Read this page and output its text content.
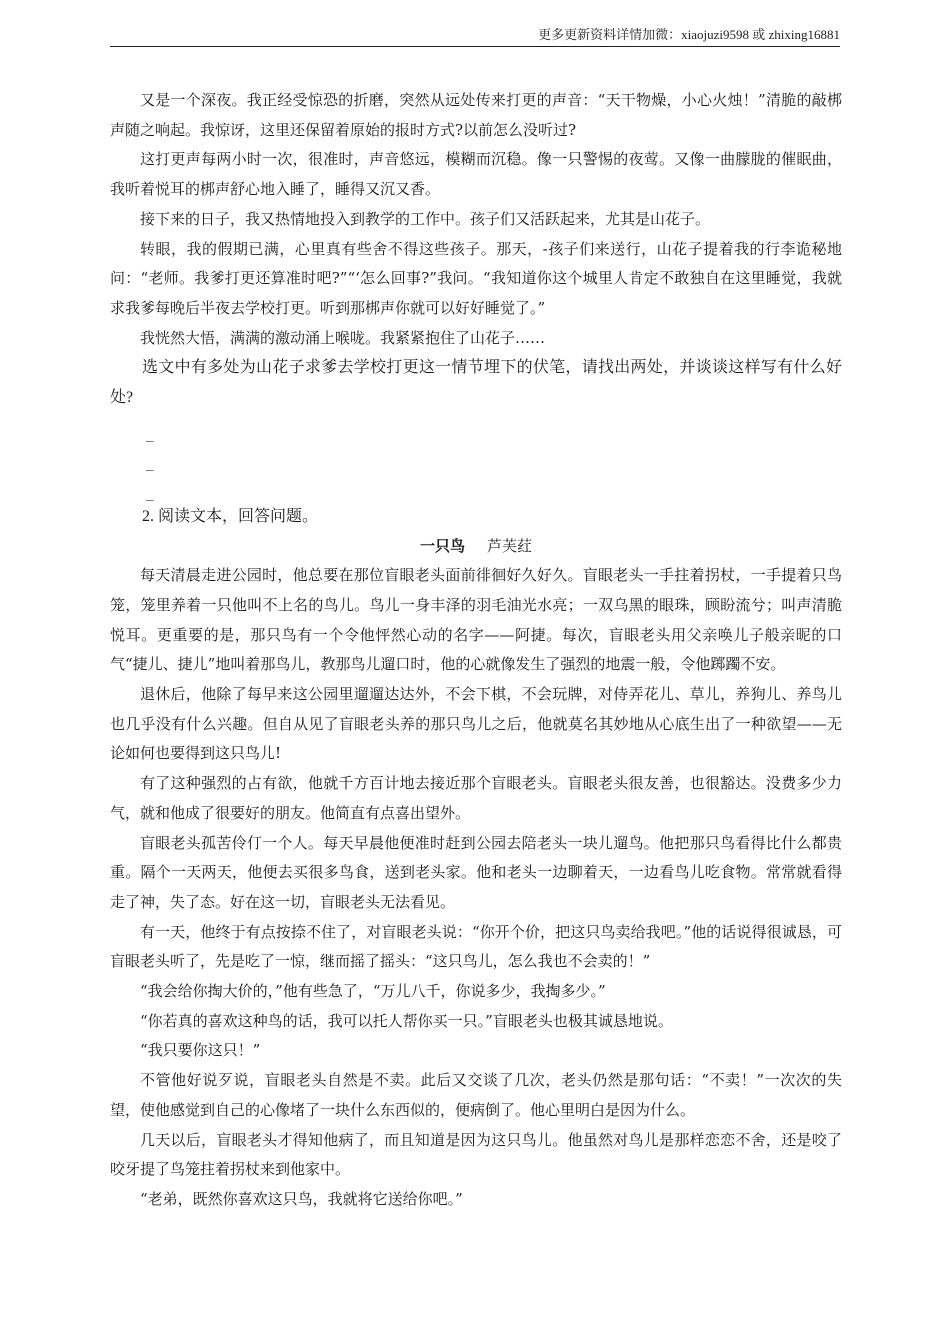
更多更新资料详情加微：xiaojuzi9598 或 zhixing16881

又是一个深夜。我正经受惊恐的折磨，突然从远处传来打更的声音：“天干物燥，小心火烛！”清脆的敲梆声随之响起。我惊讶，这里还保留着原始的报时方式?以前怎么没听过?

这打更声每两小时一次，很准时，声音悠远，模糊而沉稳。像一只警惕的夜莺。又像一曲朦胧的催眠曲，我听着悦耳的梆声舒心地入睡了，睡得又沉又香。

接下来的日子，我又热情地投入到教学的工作中。孩子们又活跃起来，尤其是山花子。

转眼，我的假期已满，心里真有些舍不得这些孩子。那天，-孩子们来送行，山花子提着我的行李诡秘地问：“老师。我爹打更还算准时吧?”“‘怎么回事?”我问。“我知道你这个城里人肯定不敢独自在这里睡觉，我就求我爹每晚后半夜去学校打更。听到那梆声你就可以好好睡觉了。”

我恍然大悟，满满的激动涌上喉咙。我紧紧抱住了山花子……

选文中有多处为山花子求爹去学校打更这一情节埋下的伏笔，请找出两处，并谈谈这样写有什么好处?

_

_

_

2. 阅读文本，回答问题。

一只鸟 芦芙荭

每天清晨走进公园时，他总要在那位盲眼老头面前徘徊好久好久。盲眼老头一手拄着拐杖，一手提着只鸟笼，笼里养着一只他叫不上名的鸟儿。鸟儿一身丰泽的羽毛油光水亮；一双乌黑的眼珠，顾盼流兮；叫声清脆悦耳。更重要的是，那只鸟有一个令他怦然心动的名字——阿捷。每次，盲眼老头用父亲唤儿子般亲昵的口气“捷儿、捷儿”地叫着那鸟儿，教那鸟儿遛口时，他的心就像发生了强烈的地震一般，令他踯躅不安。

退休后，他除了每早来这公园里遛遛达达外，不会下棋，不会玩牌，对侍弄花儿、草儿，养狗儿、养鸟儿也几乎没有什么兴趣。但自从见了盲眼老头养的那只鸟儿之后，他就莫名其妙地从心底生出了一种欲望——无论如何也要得到这只鸟儿!

有了这种强烈的占有欲，他就千方百计地去接近那个盲眼老头。盲眼老头很友善，也很豁达。没费多少力气，就和他成了很要好的朋友。他简直有点喜出望外。

盲眼老头孤苦伶仃一个人。每天早晨他便准时赶到公园去陪老头一块儿遛鸟。他把那只鸟看得比什么都贵重。隔个一天两天，他便去买很多鸟食，送到老头家。他和老头一边聊着天，一边看鸟儿吃食物。常常就看得走了神，失了态。好在这一切，盲眼老头无法看见。

有一天，他终于有点按捺不住了，对盲眼老头说：“你开个价，把这只鸟卖给我吧。”他的话说得很诚恳，可盲眼老头听了，先是吃了一惊，继而摇了摇头：“这只鸟儿，怎么我也不会卖的！”

“我会给你掏大价的，”他有些急了，“万儿八千，你说多少，我掏多少。”

“你若真的喜欢这种鸟的话，我可以托人帮你买一只。”盲眼老头也极其诚恳地说。

“我只要你这只！”

不管他好说歹说，盲眼老头自然是不卖。此后又交谈了几次，老头仍然是那句话：“不卖！”一次次的失望，使他感觉到自己的心像堵了一块什么东西似的，便病倒了。他心里明白是因为什么。

几天以后，盲眼老头才得知他病了，而且知道是因为这只鸟儿。他虽然对鸟儿是那样恋恋不舍，还是咬了咬牙提了鸟笼拄着拐杖来到他家中。

“老弟，既然你喜欢这只鸟，我就将它送给你吧。”
